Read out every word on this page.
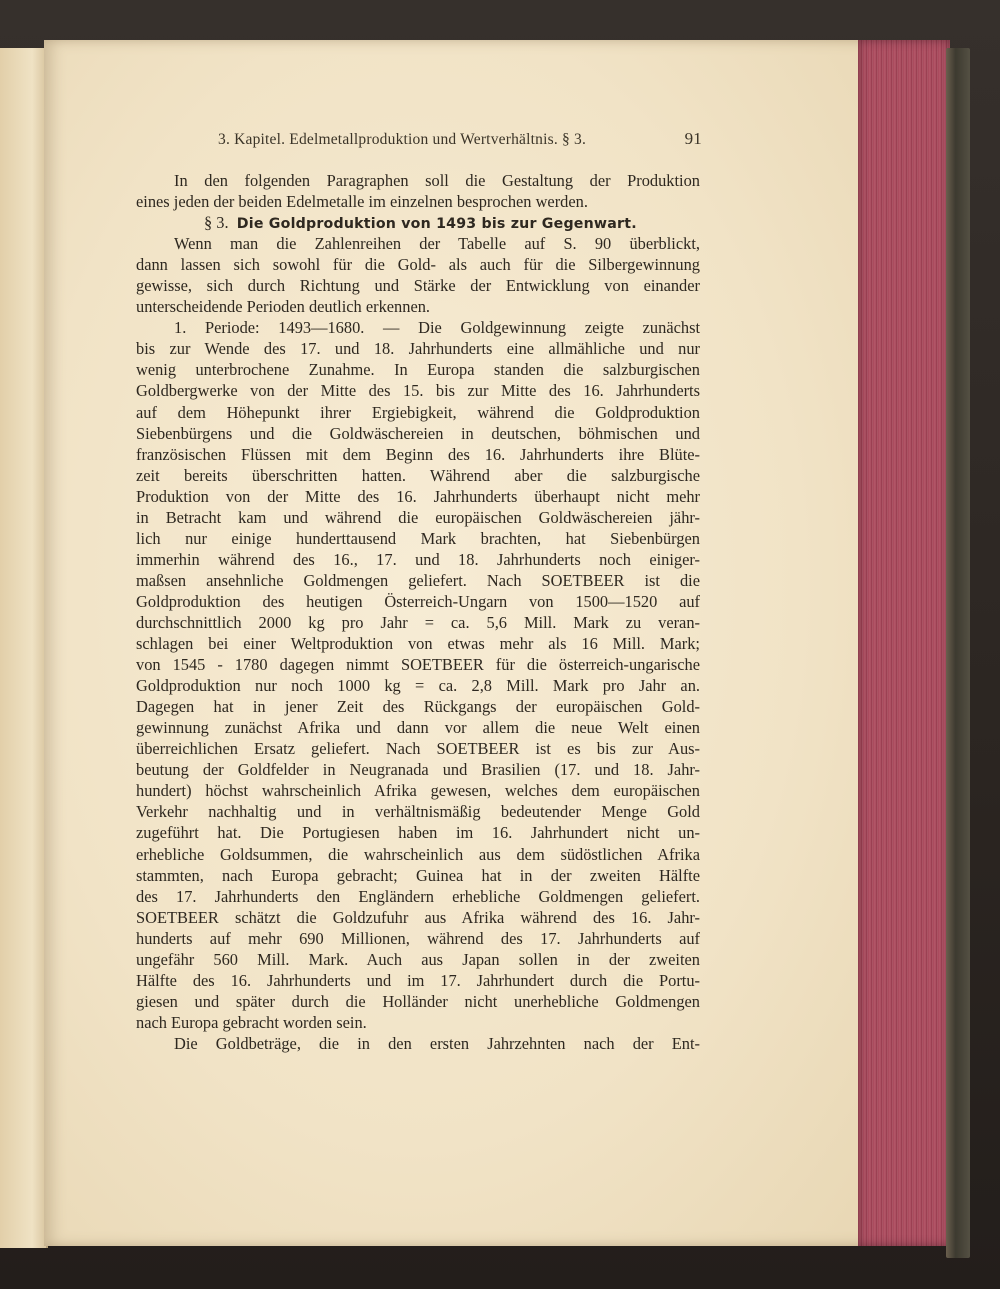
3. Kapitel. Edelmetallproduktion und Wertverhältnis. § 3.	91
In den folgenden Paragraphen soll die Gestaltung der Produktion
eines jeden der beiden Edelmetalle im einzelnen besprochen werden.
§ 3.  Die Goldproduktion von 1493 bis zur Gegenwart.
Wenn man die Zahlenreihen der Tabelle auf S. 90 überblickt,
dann lassen sich sowohl für die Gold- als auch für die Silbergewinnung
gewisse, sich durch Richtung und Stärke der Entwicklung von einander
unterscheidende Perioden deutlich erkennen.
1. Periode: 1493—1680. — Die Goldgewinnung zeigte zunächst
bis zur Wende des 17. und 18. Jahrhunderts eine allmähliche und nur
wenig unterbrochene Zunahme. In Europa standen die salzburgischen
Goldbergwerke von der Mitte des 15. bis zur Mitte des 16. Jahrhunderts
auf dem Höhepunkt ihrer Ergiebigkeit, während die Goldproduktion
Siebenbürgens und die Goldwäschereien in deutschen, böhmischen und
französischen Flüssen mit dem Beginn des 16. Jahrhunderts ihre Blüte-
zeit bereits überschritten hatten. Während aber die salzburgische
Produktion von der Mitte des 16. Jahrhunderts überhaupt nicht mehr
in Betracht kam und während die europäischen Goldwäschereien jähr-
lich nur einige hunderttausend Mark brachten, hat Siebenbürgen
immerhin während des 16., 17. und 18. Jahrhunderts noch einiger-
maßsen ansehnliche Goldmengen geliefert. Nach SOETBEER ist die
Goldproduktion des heutigen Österreich-Ungarn von 1500—1520 auf
durchschnittlich 2000 kg pro Jahr = ca. 5,6 Mill. Mark zu veran-
schlagen bei einer Weltproduktion von etwas mehr als 16 Mill. Mark;
von 1545 - 1780 dagegen nimmt SOETBEER für die österreich-ungarische
Goldproduktion nur noch 1000 kg = ca. 2,8 Mill. Mark pro Jahr an.
Dagegen hat in jener Zeit des Rückgangs der europäischen Gold-
gewinnung zunächst Afrika und dann vor allem die neue Welt einen
überreichlichen Ersatz geliefert. Nach SOETBEER ist es bis zur Aus-
beutung der Goldfelder in Neugranada und Brasilien (17. und 18. Jahr-
hundert) höchst wahrscheinlich Afrika gewesen, welches dem europäischen
Verkehr nachhaltig und in verhältnismäßig bedeutender Menge Gold
zugeführt hat. Die Portugiesen haben im 16. Jahrhundert nicht un-
erhebliche Goldsummen, die wahrscheinlich aus dem südöstlichen Afrika
stammten, nach Europa gebracht; Guinea hat in der zweiten Hälfte
des 17. Jahrhunderts den Engländern erhebliche Goldmengen geliefert.
SOETBEER schätzt die Goldzufuhr aus Afrika während des 16. Jahr-
hunderts auf mehr 690 Millionen, während des 17. Jahrhunderts auf
ungefähr 560 Mill. Mark. Auch aus Japan sollen in der zweiten
Hälfte des 16. Jahrhunderts und im 17. Jahrhundert durch die Portu-
giesen und später durch die Holländer nicht unerhebliche Goldmengen
nach Europa gebracht worden sein.
Die Goldbeträge, die in den ersten Jahrzehnten nach der Ent-
